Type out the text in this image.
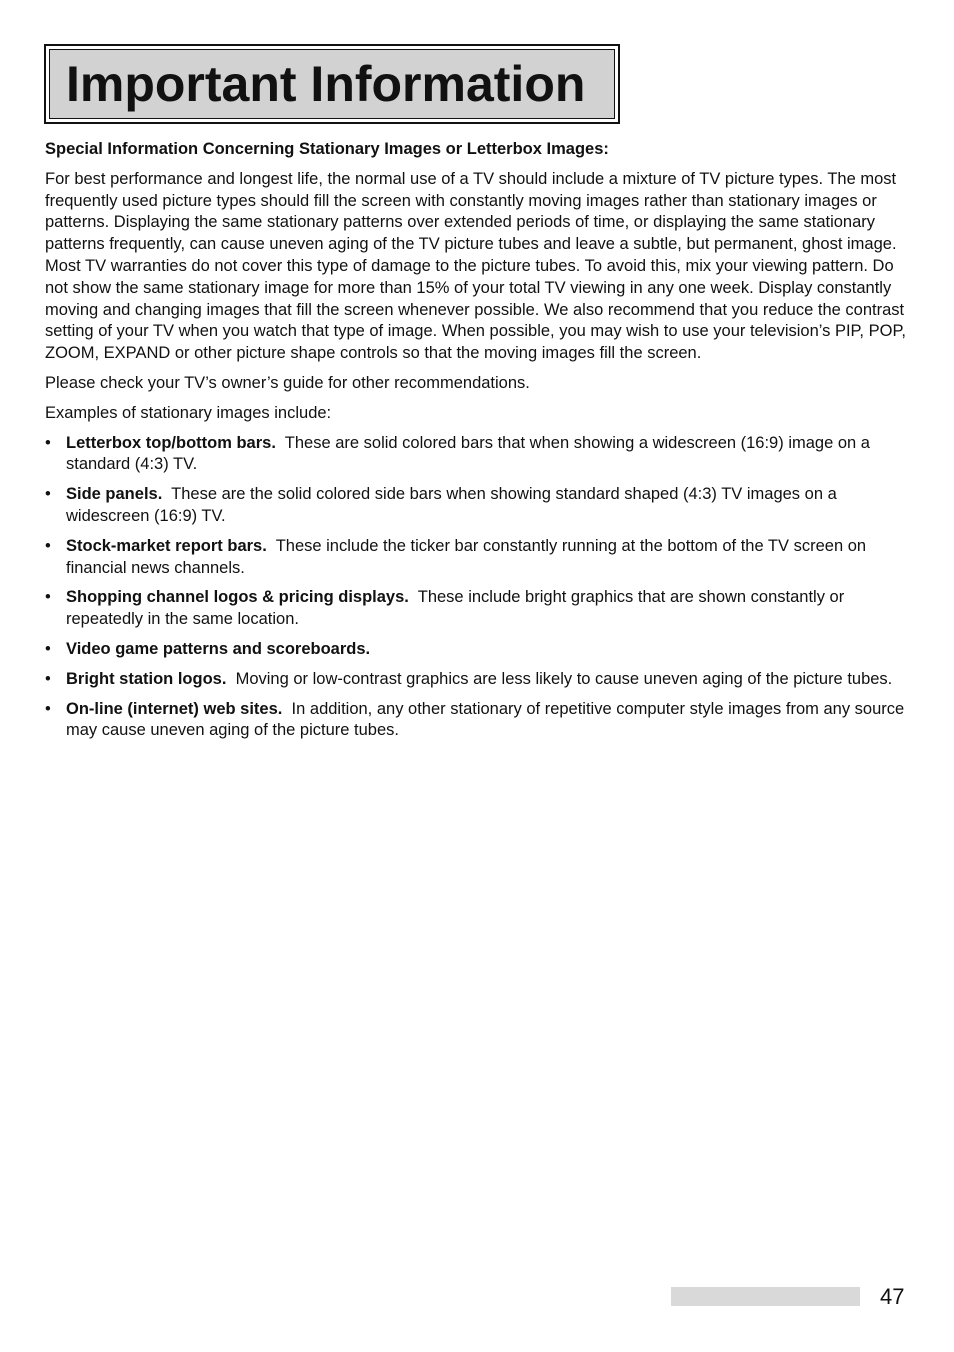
Important Information

Special Information Concerning Stationary Images or Letterbox Images:

For best performance and longest life, the normal use of a TV should include a mixture of TV picture types. The most frequently used picture types should fill the screen with constantly moving images rather than stationary images or patterns. Displaying the same stationary patterns over extended periods of time, or displaying the same stationary patterns frequently, can cause uneven aging of the TV picture tubes and leave a subtle, but permanent, ghost image. Most TV warranties do not cover this type of damage to the picture tubes. To avoid this, mix your viewing pattern. Do not show the same stationary image for more than 15% of your total TV viewing in any one week. Display constantly moving and changing images that fill the screen whenever possible. We also recommend that you reduce the contrast setting of your TV when you watch that type of image. When possible, you may wish to use your television’s PIP, POP, ZOOM, EXPAND or other picture shape controls so that the moving images fill the screen.

Please check your TV’s owner’s guide for other recommendations.

Examples of stationary images include:

• Letterbox top/bottom bars.  These are solid colored bars that when showing a widescreen (16:9) image on a standard (4:3) TV.
• Side panels.  These are the solid colored side bars when showing standard shaped (4:3) TV images on a widescreen (16:9) TV.
• Stock-market report bars.  These include the ticker bar constantly running at the bottom of the TV screen on financial news channels.
• Shopping channel logos & pricing displays.  These include bright graphics that are shown constantly or repeatedly in the same location.
• Video game patterns and scoreboards.
• Bright station logos.  Moving or low-contrast graphics are less likely to cause uneven aging of the picture tubes.
• On-line (internet) web sites.  In addition, any other stationary of repetitive computer style images from any source may cause uneven aging of the picture tubes.
47
